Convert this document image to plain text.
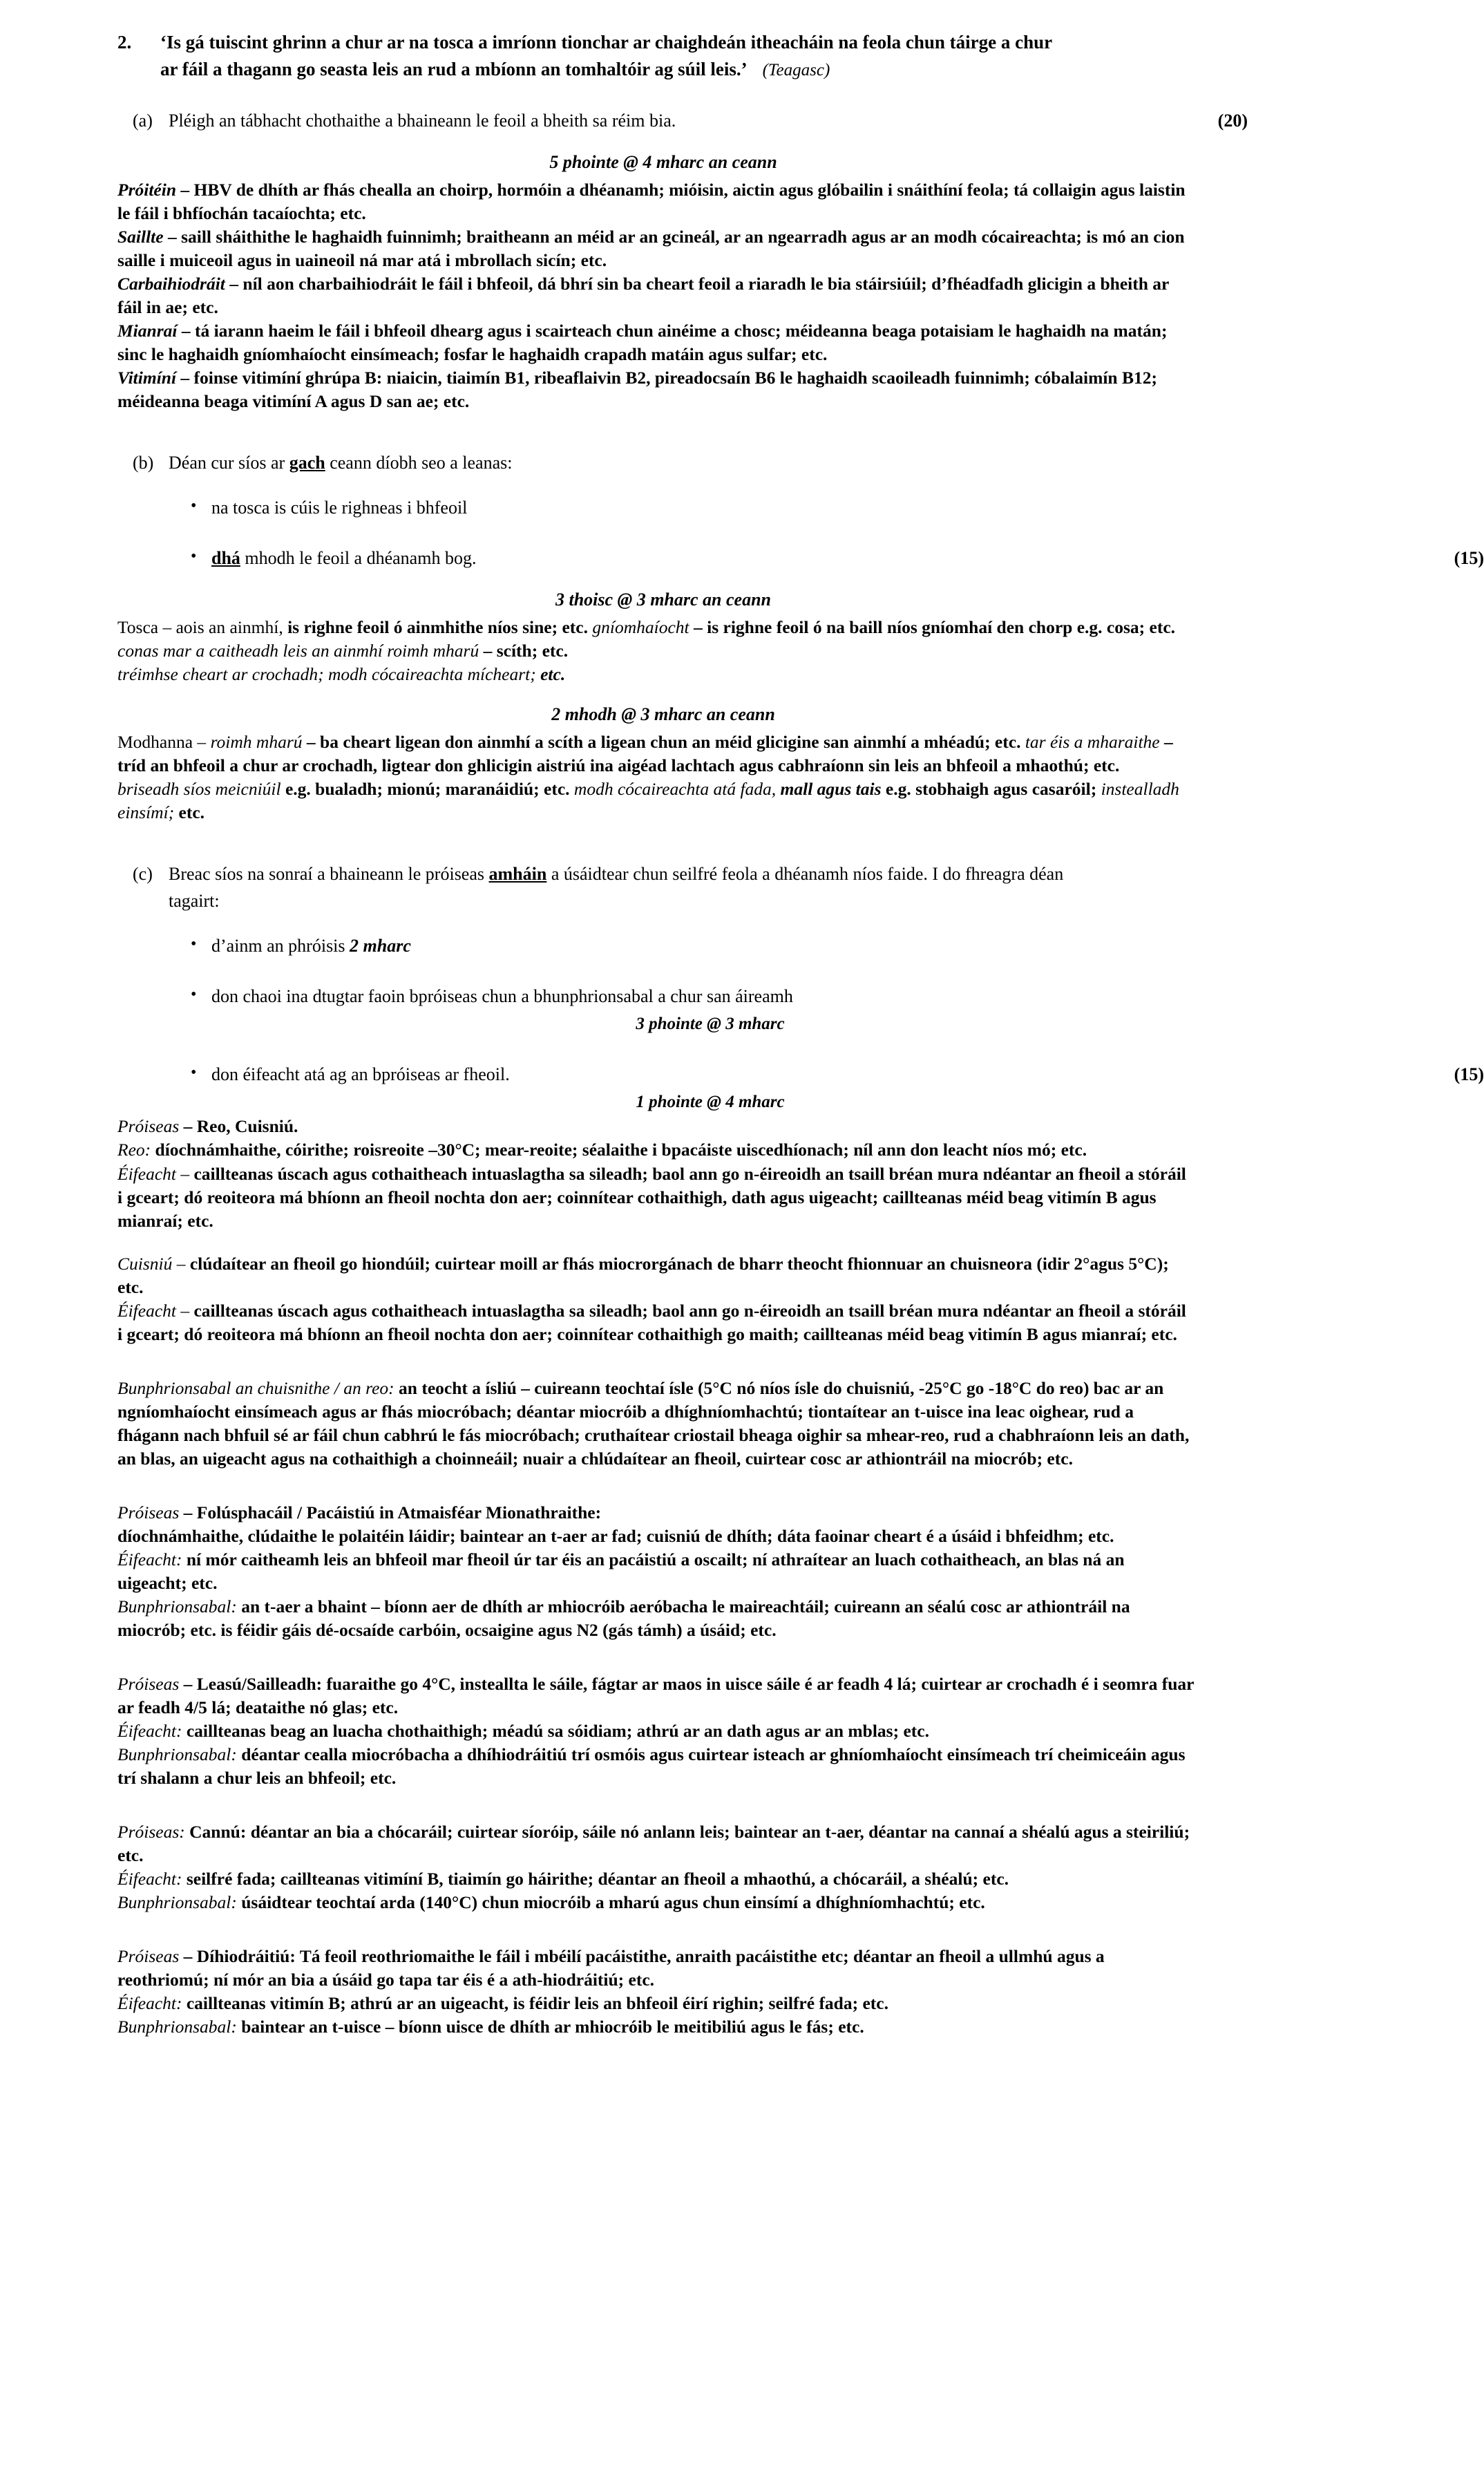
2.	‘Is gá tuiscint ghrinn a chur ar na tosca a imríonn tionchar ar chaighdeán itheacháin na feola chun táirge a chur ar fáil a thagann go seasta leis an rud a mbíonn an tomhaltóir ag súil leis.’ (Teagasc)
(a) Pléigh an tábhacht chothaithe a bhaineann le feoil a bheith sa réim bia.	(20)
5 phointe @ 4 mharc an ceann

Próitéin – HBV de dhíth ar fhás chealla an choirp, hormóin a dhéanamh; mióisin, aictin agus glóbailin i snáithíní feola; tá collaigin agus laistin le fáil i bhfíochán tacaíochta; etc.

Saillte – saill sháithithe le haghaidh fuinnimh; braitheann an méid ar an gcineál, ar an ngearradh agus ar an modh cócaireachta; is mó an cion saille i muiceoil agus in uaineoil ná mar atá i mbrollach sicín; etc.

Carbaihiodráit – níl aon charbaihiodráit le fáil i bhfeoil, dá bhrí sin ba cheart feoil a riaradh le bia stáirsiúil; d’fhéadfadh glicigin a bheith ar fáil in ae; etc.

Mianraí – tá iarann haeim le fáil i bhfeoil dhearg agus i scairteach chun ainéime a chosc; méideanna beaga potaisiam le haghaidh na matán; sinc le haghaidh gníomhaíocht einsímeach; fosfar le haghaidh crapadh matáin agus sulfar; etc.

Vitimíní – foinse vitimíní ghrúpa B: niaicin, tiaimín B1, ribeaflaivin B2, pireadocsaín B6 le haghaidh scaoileadh fuinnimh; cóbalaimín B12; méideanna beaga vitimíní A agus D san ae; etc.

(b) Déan cur síos ar gach ceann díobh seo a leanas:
• na tosca is cúis le righneas i bhfeoil
• dhá mhodh le feoil a dhéanamh bog.	(15)
3 thoisc @ 3 mharc an ceann

Tosca – aois an ainmhí, is righne feoil ó ainmhithe níos sine; etc. gníomhaíocht – is righne feoil ó na baill níos gníomhaí den chorp e.g. cosa; etc. conas mar a caitheadh leis an ainmhí roimh mharú – scíth; etc.

tréimhse cheart ar crochadh; modh cócaireachta mícheart; etc.

2 mhodh @ 3 mharc an ceann

Modhanna – roimh mharú – ba cheart ligean don ainmhí a scíth a ligean chun an méid glicigine san ainmhí a mhéadú; etc. tar éis a mharaithe – tríd an bhfeoil a chur ar crochadh, ligtear don ghlicigin aistriú ina aigéad lachtach agus cabhraíonn sin leis an bhfeoil a mhaothú; etc.

briseadh síos meicniúil e.g. bualadh; mionú; maranáidiú; etc. modh cócaireachta atá fada, mall agus tais e.g. stobhaigh agus casaróil; instealladh einsímí; etc.

(c) Breac síos na sonraí a bhaineann le próiseas amháin a úsáidtear chun seilfré feola a dhéanamh níos faide. I do fhreagra déan tagairt:
• d’ainm an phróisis 2 mharc
• don chaoi ina dtugtar faoin bpróiseas chun a bhunphrionsabal a chur san áireamh
3 phointe @ 3 mharc
• don éifeacht atá ag an bpróiseas ar fheoil.	(15)
1 phointe @ 4 mharc

Próiseas – Reo, Cuisniú.

Reo: díochnámhaithe, cóirithe; roisreoite –30°C; mear-reoite; séalaithe i bpacáiste uiscedhíonach; níl ann don leacht níos mó; etc.

Éifeacht – caillteanas úscach agus cothaitheach intuaslagtha sa sileadh; baol ann go n-éireoidh an tsaill bréan mura ndéantar an fheoil a stóráil i gceart; dó reoiteora má bhíonn an fheoil nochta don aer; coinnítear cothaithigh, dath agus uigeacht; caillteanas méid beag vitimín B agus mianraí; etc.

Cuisniú – clúdaítear an fheoil go hiondúil; cuirtear moill ar fhás miocrorgánach de bharr theocht fhionnuar an chuisneora (idir 2°agus 5°C); etc.

Éifeacht – caillteanas úscach agus cothaitheach intuaslagtha sa sileadh; baol ann go n-éireoidh an tsaill bréan mura ndéantar an fheoil a stóráil i gceart; dó reoiteora má bhíonn an fheoil nochta don aer; coinnítear cothaithigh go maith; caillteanas méid beag vitimín B agus mianraí; etc.

Bunphrionsabal an chuisnithe / an reo: an teocht a ísliú – cuireann teochtaí ísle (5°C nó níos ísle do chuisniú, -25°C go -18°C do reo) bac ar an ngníomhaíocht einsímeach agus ar fhás miocróbach; déantar miocróib a dhíghníomhachtú; tiontaítear an t-uisce ina leac oighear, rud a fhágann nach bhfuil sé ar fáil chun cabhrú le fás miocróbach; cruthaítear criostail bheaga oighir sa mhear-reo, rud a chabhraíonn leis an dath, an blas, an uigeacht agus na cothaithigh a choinneáil; nuair a chlúdaítear an fheoil, cuirtear cosc ar athiontráil na miocrób; etc.

Próiseas – Folúsphacáil / Pacáistiú in Atmaisféar Mionathraithe:

díochnámhaithe, clúdaithe le polaitéin láidir; baintear an t-aer ar fad; cuisniú de dhíth; dáta faoinar cheart é a úsáid i bhfeidhm; etc.

Éifeacht: ní mór caitheamh leis an bhfeoil mar fheoil úr tar éis an pacáistiú a oscailt; ní athraítear an luach cothaitheach, an blas ná an uigeacht; etc.

Bunphrionsabal: an t-aer a bhaint – bíonn aer de dhíth ar mhiocróib aeróbacha le maireachtáil; cuireann an séalú cosc ar athiontráil na miocrób; etc. is féidir gáis dé-ocsaíde carbóin, ocsaigine agus N2 (gás támh) a úsáid; etc.

Próiseas – Leasú/Sailleadh: fuaraithe go 4°C, insteallta le sáile, fágtar ar maos in uisce sáile é ar feadh 4 lá; cuirtear ar crochadh é i seomra fuar ar feadh 4/5 lá; deataithe nó glas; etc.

Éifeacht: caillteanas beag an luacha chothaithigh; méadú sa sóidiam; athrú ar an dath agus ar an mblas; etc.

Bunphrionsabal: déantar cealla miocróbacha a dhíhiodráitiú trí osmóis agus cuirtear isteach ar ghníomhaíocht einsímeach trí cheimiceáin agus trí shalann a chur leis an bhfeoil; etc.

Próiseas: Cannú: déantar an bia a chócaráil; cuirtear síoróip, sáile nó anlann leis; baintear an t-aer, déantar na cannaí a shéalú agus a steiriliú; etc.

Éifeacht: seilfré fada; caillteanas vitimíní B, tiaimín go háirithe; déantar an fheoil a mhaothú, a chócaráil, a shéalú; etc.

Bunphrionsabal: úsáidtear teochtaí arda (140°C) chun miocróib a mharú agus chun einsímí a dhíghníomhachtú; etc.

Próiseas – Díhiodráitiú: Tá feoil reothriomaithe le fáil i mbéilí pacáistithe, anraith pacáistithe etc; déantar an fheoil a ullmhú agus a reothriomú; ní mór an bia a úsáid go tapa tar éis é a ath-hiodráitiú; etc.

Éifeacht: caillteanas vitimín B; athrú ar an uigeacht, is féidir leis an bhfeoil éirí righin; seilfré fada; etc.

Bunphrionsabal: baintear an t-uisce – bíonn uisce de dhíth ar mhiocróib le meitibiliú agus le fás; etc.
